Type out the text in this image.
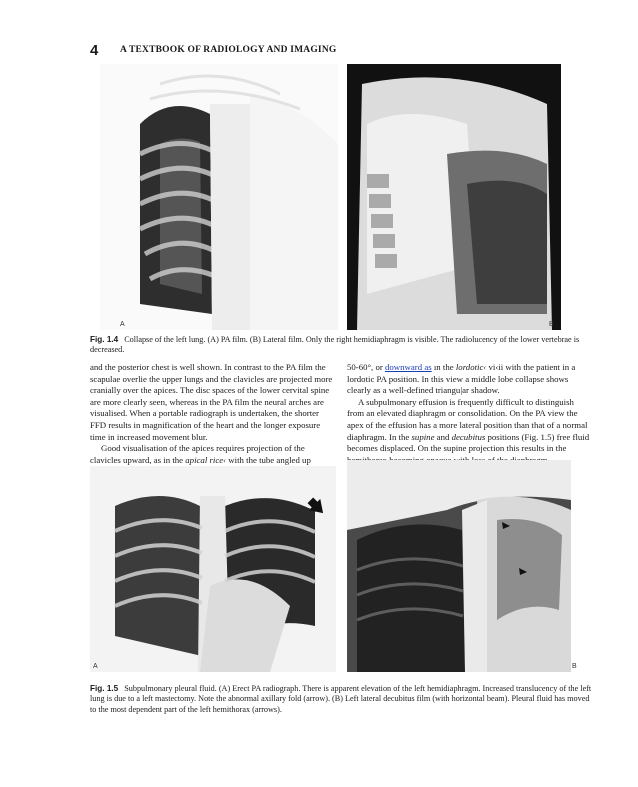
4 A TEXTBOOK OF RADIOLOGY AND IMAGING
A	B
Fig. 1.4 Collapse of the left lung. (A) PA film. (B) Lateral film. Only the right hemidiaphragm is visible. The radiolucency of the lower vertebrae is decreased.

and the posterior chest is well shown. In contrast to the PA film the scapulae overlie the upper lungs and the clavicles are projected more cranially over the apices. The disc spaces of the lower cervital spine are more clearly seen, whereas in the PA film the neural arches are visualised. When a portable radiograph is undertaken, the shorter FFD results in magnification of the heart and the longer exposure time in increased movement blur.

Good visualisation of the apices requires projection of the clavicles upward, as in the apical rice‹ with the tube angled up

50-60°, or downward as ın the lordotic‹ vi‹ii with the patient in a lordotic PA position. In this view a middle lobe collapse shows clearly as a well-defined triangu|ar shadow.

A subpulmonary effusion is frequently difficult to distinguish from an elevated diaphragm or consolidation. On the PA view the apex of the effusion has a more lateral position than that of a normal diaphragm. In the supine and decubitus positions (Fig. 1.5) free fluid becomes displaced. On the supine projection this results in the

A	B
Fig. 1.5 Subpulmonary pleural fluid. (A) Erect PA radiograph. There is apparent elevation of the left hemidiaphragm. Increased translucency of the left lung is due to a left mastectomy. Note the abnormal axillary fold (arrow). (B) Left lateral decubitus film (with horizontal beam). Pleural fluid has moved to the most dependent part of the left hemithorax (arrows).
